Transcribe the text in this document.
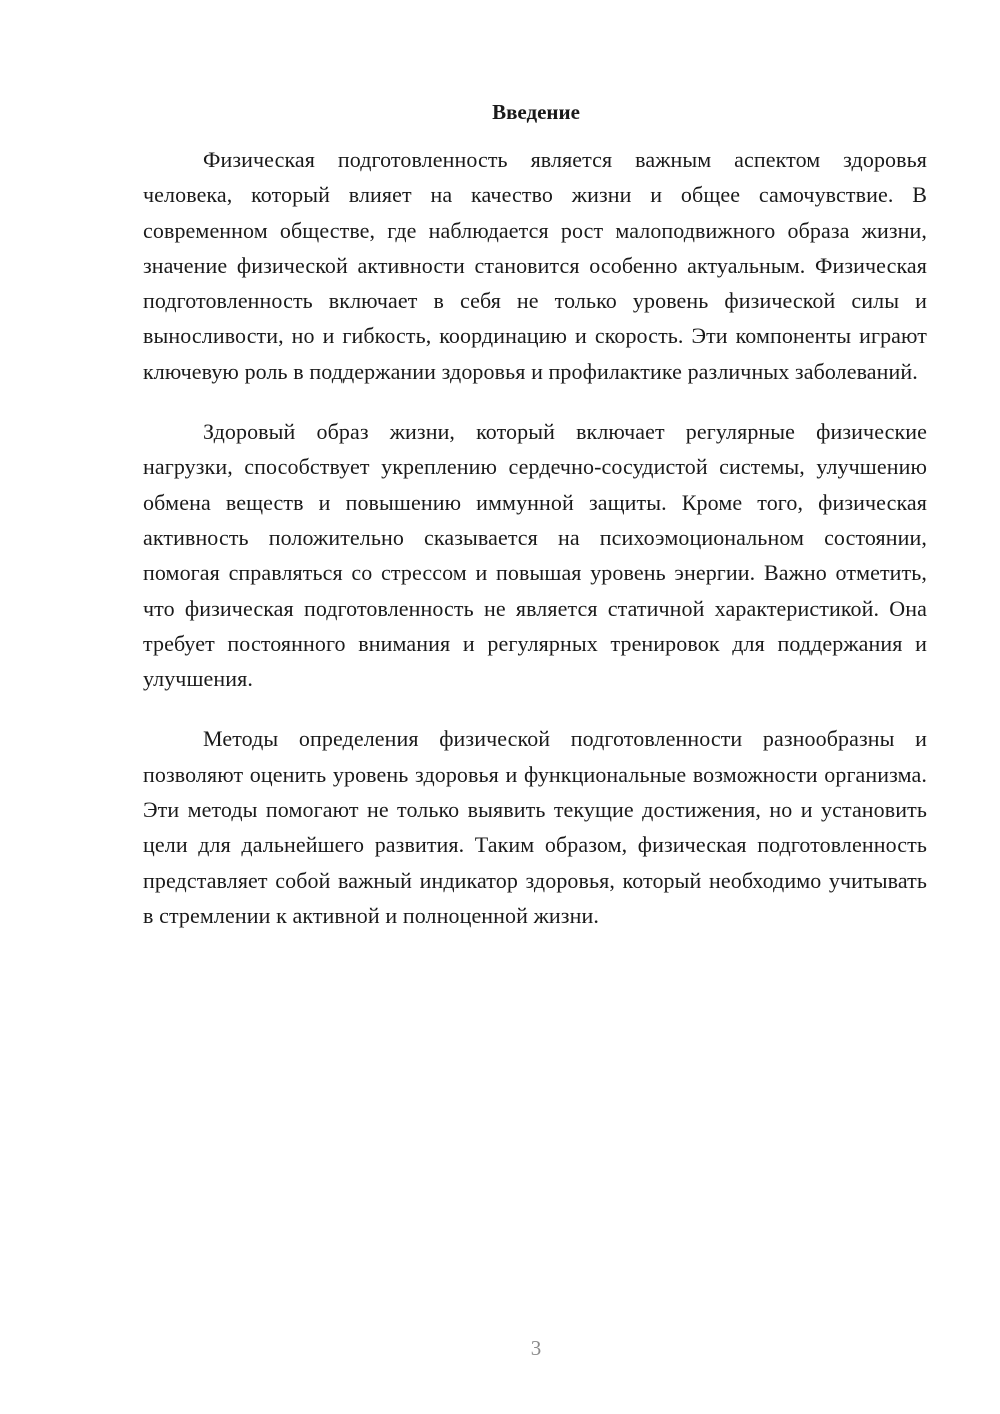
Введение

Физическая подготовленность является важным аспектом здоровья человека, который влияет на качество жизни и общее самочувствие. В современном обществе, где наблюдается рост малоподвижного образа жизни, значение физической активности становится особенно актуальным. Физическая подготовленность включает в себя не только уровень физической силы и выносливости, но и гибкость, координацию и скорость. Эти компоненты играют ключевую роль в поддержании здоровья и профилактике различных заболеваний.

Здоровый образ жизни, который включает регулярные физические нагрузки, способствует укреплению сердечно-сосудистой системы, улучшению обмена веществ и повышению иммунной защиты. Кроме того, физическая активность положительно сказывается на психоэмоциональном состоянии, помогая справляться со стрессом и повышая уровень энергии. Важно отметить, что физическая подготовленность не является статичной характеристикой. Она требует постоянного внимания и регулярных тренировок для поддержания и улучшения.

Методы определения физической подготовленности разнообразны и позволяют оценить уровень здоровья и функциональные возможности организма. Эти методы помогают не только выявить текущие достижения, но и установить цели для дальнейшего развития. Таким образом, физическая подготовленность представляет собой важный индикатор здоровья, который необходимо учитывать в стремлении к активной и полноценной жизни.

3
